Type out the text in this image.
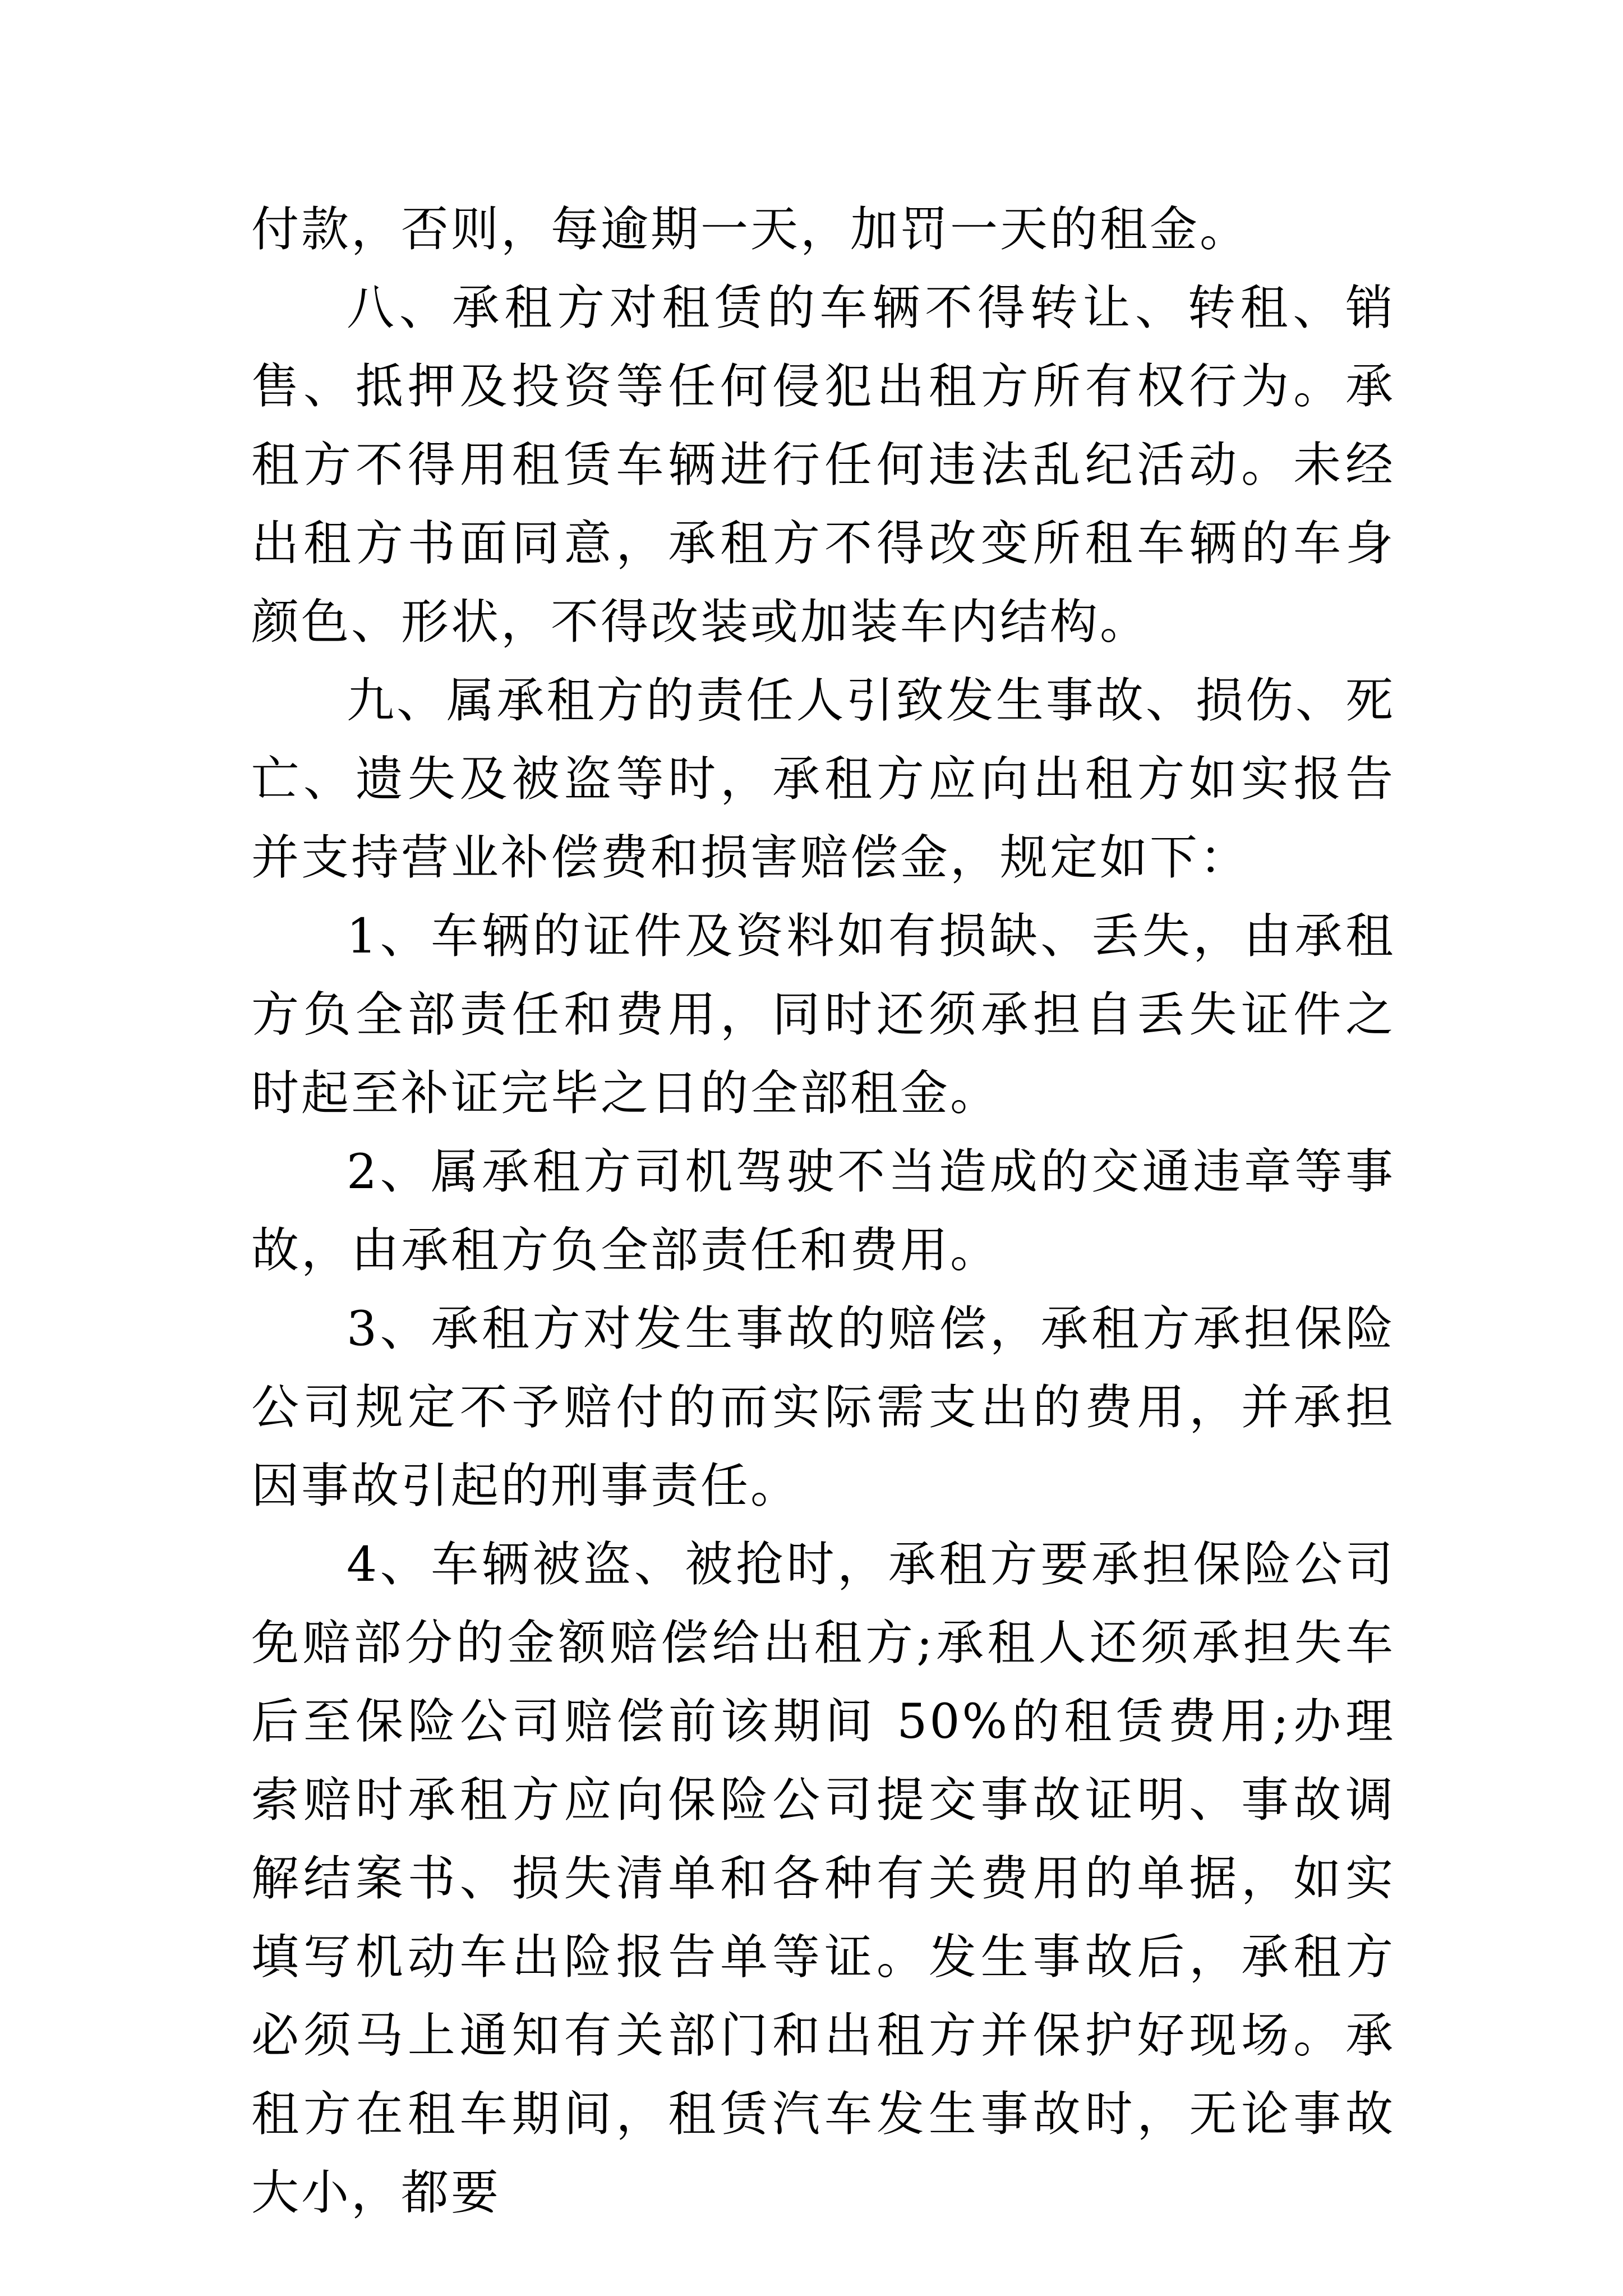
付款，否则，每逾期一天，加罚一天的租金。

八、承租方对租赁的车辆不得转让、转租、销售、抵押及投资等任何侵犯出租方所有权行为。承租方不得用租赁车辆进行任何违法乱纪活动。未经出租方书面同意，承租方不得改变所租车辆的车身颜色、形状，不得改装或加装车内结构。

九、属承租方的责任人引致发生事故、损伤、死亡、遗失及被盗等时，承租方应向出租方如实报告并支持营业补偿费和损害赔偿金，规定如下：

1、车辆的证件及资料如有损缺、丢失，由承租方负全部责任和费用，同时还须承担自丢失证件之时起至补证完毕之日的全部租金。

2、属承租方司机驾驶不当造成的交通违章等事故，由承租方负全部责任和费用。

3、承租方对发生事故的赔偿，承租方承担保险公司规定不予赔付的而实际需支出的费用，并承担因事故引起的刑事责任。

4、车辆被盗、被抢时，承租方要承担保险公司免赔部分的金额赔偿给出租方;承租人还须承担失车后至保险公司赔偿前该期间 50%的租赁费用;办理索赔时承租方应向保险公司提交事故证明、事故调解结案书、损失清单和各种有关费用的单据，如实填写机动车出险报告单等证。发生事故后，承租方必须马上通知有关部门和出租方并保护好现场。承租方在租车期间，租赁汽车发生事故时，无论事故大小，都要
